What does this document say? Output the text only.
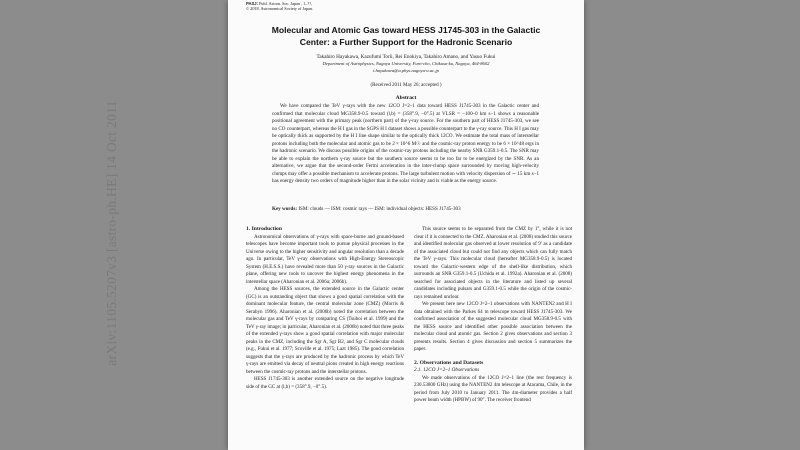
PASJ: Publ. Astron. Soc. Japan , 1–??,
© 2018. Astronomical Society of Japan.
Molecular and Atomic Gas toward HESS J1745-303 in the Galactic
Center: a Further Support for the Hadronic Scenario
Takahiro Hayakawa, Kazufumi Torii, Rei Enokiya, Takahiro Amano, and Yasuo Fukui
Department of Astrophysics, Nagoya University, Furo-cho, Chikusa-ku, Nagoya, 464-8602
t.hayakawa@a.phys.nagoya-u.ac.jp
(Received 2011 May 26; accepted )
Abstract

We have compared the TeV γ-rays with the new 12CO J=2–1 data toward HESS J1745-303 in the Galactic center and confirmed that molecular cloud MG358.9-0.5 toward (l,b) = (358°.9, −0°.5) at VLSR = −100–0 km s−1 shows a reasonable positional agreement with the primary peak (northern part) of the γ-ray source. For the southern part of HESS J1745-303, we see no CO counterpart, whereas the H I gas in the SGPS H I dataset shows a possible counterpart to the γ-ray source. This H I gas may be optically thick as supported by the H I line shape similar to the optically thick 12CO. We estimate the total mass of interstellar protons including both the molecular and atomic gas to be 2 × 10^6 M☉ and the cosmic-ray proton energy to be 6 × 10^48 ergs in the hadronic scenario. We discuss possible origins of the cosmic-ray protons including the nearby SNR G359.1-0.5. The SNR may be able to explain the northern γ-ray source but the southern source seems to be too far to be energized by the SNR. As an alternative, we argue that the second-order Fermi acceleration in the inter-clump space surrounded by moving high-velocity clumps may offer a possible mechanism to accelerate protons. The large turbulent motion with velocity dispersion of ∼ 15 km s−1 has energy density two orders of magnitude higher than in the solar vicinity and is viable as the energy source.

Key words: ISM: clouds — ISM: cosmic rays — ISM: individual objects: HESS J1745-303

1. Introduction

Astronomical observations of γ-rays with space-borne and ground-based telescopes have become important tools to pursue physical processes in the Universe owing to the higher sensitivity and angular resolution than a decade ago. In particular, TeV γ-ray observations with High-Energy Stereoscopic System (H.E.S.S.) have revealed more than 50 γ-ray sources in the Galactic plane, offering new tools to uncover the highest energy phenomena in the interstellar space (Aharonian et al. 2006a; 2006b).

Among the HESS sources, the extended source in the Galactic center (GC) is an outstanding object that shows a good spatial correlation with the dominant molecular feature, the central molecular zone (CMZ) (Morris & Serabyn 1996). Aharonian et al. (2006b) noted the correlation between the molecular gas and TeV γ-rays by comparing CS (Tsuboi et al. 1999) and the TeV γ-ray image; in particular, Aharonian et al. (2006b) noted that three peaks of the extended γ-rays show a good spatial correlation with major molecular peaks in the CMZ, including the Sgr A, Sgr B2, and Sgr C molecular clouds (e.g., Fukui et al. 1977; Scoville et al. 1975; Lazt 1985). The good correlation suggests that the γ-rays are produced by the hadronic process by which TeV γ-rays are emitted via decay of neutral pions created in high energy reactions between the cosmic-ray protons and the interstellar protons.

HESS J1745-303 is another extended source on the negative longitude side of the GC at (l,b) = (358°.9, −0°.5).

This source seems to be separated from the CMZ by 1°, while it is not clear if it is connected to the CMZ. Aharonian et al. (2008) studied this source and identified molecular gas observed at lower resolution of 9′ as a candidate of the associated cloud but could not find any objects which can fully match the TeV γ-rays. This molecular cloud (hereafter MG358.9-0.5) is located toward the Galactic-western edge of the shell-like distribution, which surrounds an SNR G359.1-0.5 (Uchida et al. 1992a). Aharonian et al. (2008) searched for associated objects in the literature and listed up several candidates including pulsars and G359.1-0.5 while the origin of the cosmic-rays remained unclear.

We present here new 12CO J=2–1 observations with NANTEN2 and H I data obtained with the Parkes 64 m telescope toward HESS J1745-303. We confirmed association of the suggested molecular cloud MG358.9-0.5 with the HESS source and identified other possible association between the molecular cloud and atomic gas. Section 2 gives observations and section 3 presents results. Section 4 gives discussion and section 5 summarizes the paper.

2. Observations and Datasets

2.1. 12CO J=2–1 Observations

We made observations of the 12CO J=2–1 line (the rest frequency is 230.53800 GHz) using the NANTEN2 4m telescope at Atacama, Chile, in the period from July 2010 to January 2011. The 4m-diameter provides a half power beam width (HPBW) of 90″. The receiver frontend

arXiv:1105.5207v3 [astro-ph.HE] 14 Oct 2011
